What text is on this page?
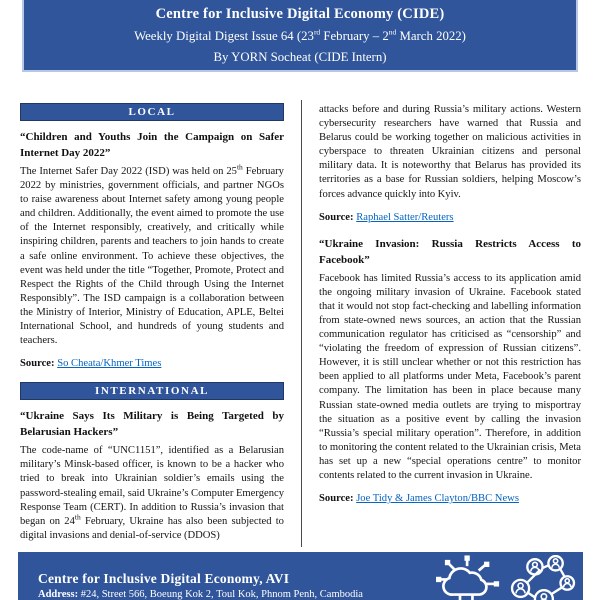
Centre for Inclusive Digital Economy (CIDE)
Weekly Digital Digest Issue 64 (23rd February – 2nd March 2022)
By YORN Socheat (CIDE Intern)
LOCAL
“Children and Youths Join the Campaign on Safer Internet Day 2022”

The Internet Safer Day 2022 (ISD) was held on 25th February 2022 by ministries, government officials, and partner NGOs to raise awareness about Internet safety among young people and children. Additionally, the event aimed to promote the use of the Internet responsibly, creatively, and critically while inspiring children, parents and teachers to join hands to create a safe online environment. To achieve these objectives, the event was held under the title “Together, Promote, Protect and Respect the Rights of the Child through Using the Internet Responsibly”. The ISD campaign is a collaboration between the Ministry of Interior, Ministry of Education, APLE, Beltei International School, and hundreds of young students and teachers.

Source: So Cheata/Khmer Times

INTERNATIONAL
“Ukraine Says Its Military is Being Targeted by Belarusian Hackers”

The code-name of “UNC1151”, identified as a Belarusian military’s Minsk-based officer, is known to be a hacker who tried to break into Ukrainian soldier’s emails using the password-stealing email, said Ukraine’s Computer Emergency Response Team (CERT). In addition to Russia’s invasion that began on 24th February, Ukraine has also been subjected to digital invasions and denial-of-service (DDOS)

attacks before and during Russia’s military actions. Western cybersecurity researchers have warned that Russia and Belarus could be working together on malicious activities in cyberspace to threaten Ukrainian citizens and personal military data. It is noteworthy that Belarus has provided its territories as a base for Russian soldiers, helping Moscow’s forces advance quickly into Kyiv.

Source: Raphael Satter/Reuters

“Ukraine Invasion: Russia Restricts Access to Facebook”

Facebook has limited Russia’s access to its application amid the ongoing military invasion of Ukraine. Facebook stated that it would not stop fact-checking and labelling information from state-owned news sources, an action that the Russian communication regulator has criticised as “censorship” and “violating the freedom of expression of Russian citizens”. However, it is still unclear whether or not this restriction has been applied to all platforms under Meta, Facebook’s parent company. The limitation has been in place because many Russian state-owned media outlets are trying to misportray the situation as a positive event by calling the invasion “Russia’s special military operation”. Therefore, in addition to monitoring the content related to the Ukrainian crisis, Meta has set up a new “special operations centre” to monitor contents related to the current invasion in Ukraine.

Source: Joe Tidy & James Clayton/BBC News

Centre for Inclusive Digital Economy, AVI
Address: #24, Street 566, Boeung Kok 2, Toul Kok, Phnom Penh, Cambodia
